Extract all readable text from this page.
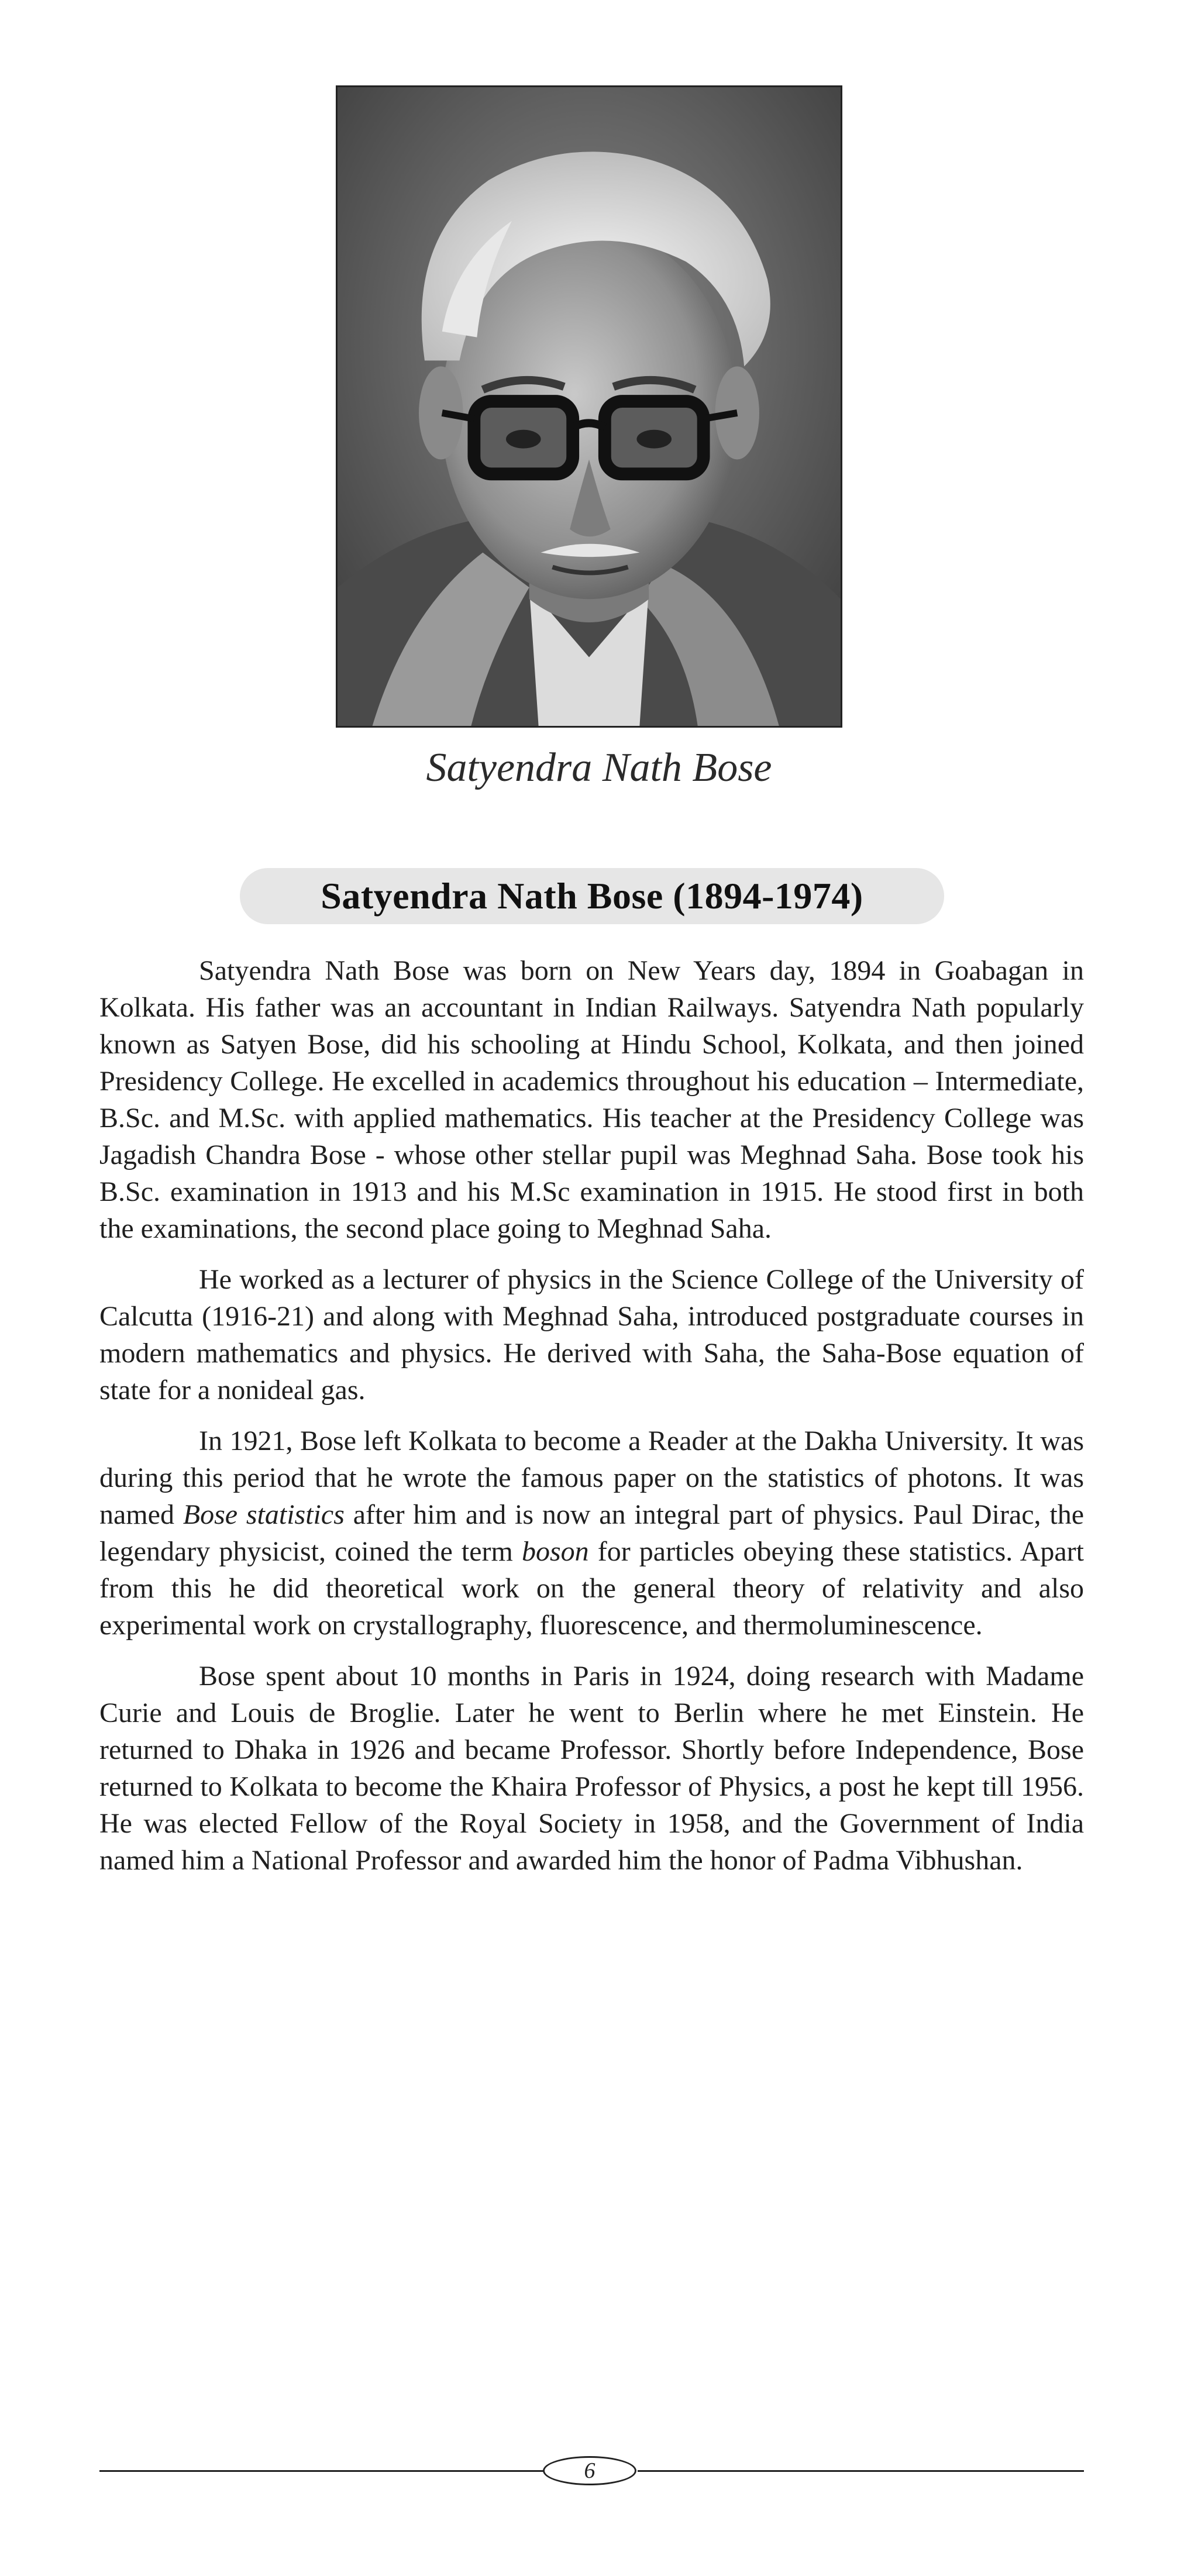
Satyendra Nath Bose
Satyendra Nath Bose (1894-1974)

Satyendra Nath Bose was born on New Years day, 1894 in Goabagan in Kolkata. His father was an accountant in Indian Railways. Satyendra Nath popularly known as Satyen Bose, did his schooling at Hindu School, Kolkata, and then joined Presidency College. He excelled in academics throughout his education – Intermediate, B.Sc. and M.Sc. with applied mathematics. His teacher at the Presidency College was Jagadish Chandra Bose - whose other stellar pupil was Meghnad Saha. Bose took his B.Sc. examination in 1913 and his M.Sc examination in 1915. He stood first in both the examinations, the second place going to Meghnad Saha.

He worked as a lecturer of physics in the Science College of the University of Calcutta (1916-21) and along with Meghnad Saha, introduced postgraduate courses in modern mathematics and physics. He derived with Saha, the Saha-Bose equation of state for a nonideal gas.

In 1921, Bose left Kolkata to become a Reader at the Dakha University. It was during this period that he wrote the famous paper on the statistics of photons. It was named Bose statistics after him and is now an integral part of physics. Paul Dirac, the legendary physicist, coined the term boson for particles obeying these statistics. Apart from this he did theoretical work on the general theory of relativity and also experimental work on crystallography, fluorescence, and thermoluminescence.

Bose spent about 10 months in Paris in 1924, doing research with Madame Curie and Louis de Broglie. Later he went to Berlin where he met Einstein. He returned to Dhaka in 1926 and became Professor. Shortly before Independence, Bose returned to Kolkata to become the Khaira Professor of Physics, a post he kept till 1956. He was elected Fellow of the Royal Society in 1958, and the Government of India named him a National Professor and awarded him the honor of Padma Vibhushan.

6
